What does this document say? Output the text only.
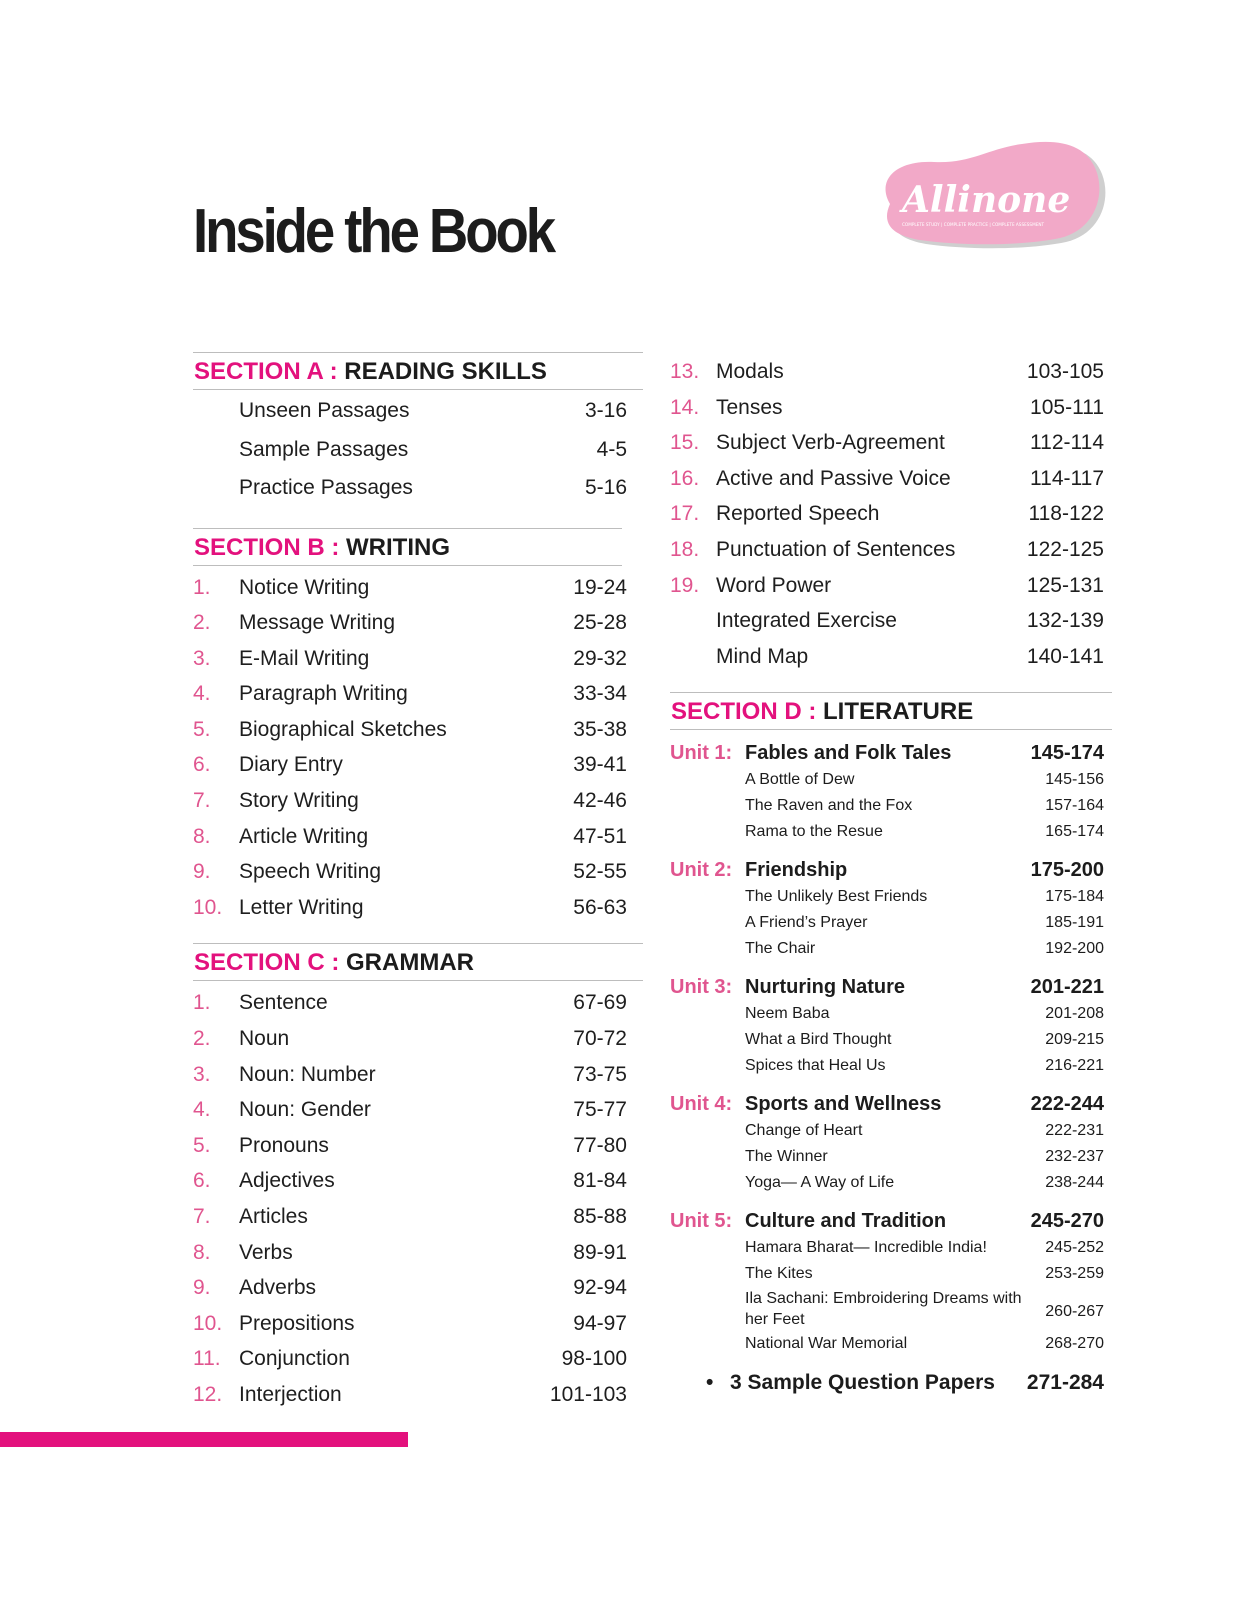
Inside the Book	Allinone
COMPLETE STUDY | COMPLETE PRACTICE | COMPLETE ASSESSMENT
SECTION A : READING SKILLS
Unseen Passages	3-16
Sample Passages	4-5
Practice Passages	5-16
SECTION B : WRITING
1. Notice Writing	19-24
2. Message Writing	25-28
3. E-Mail Writing	29-32
4. Paragraph Writing	33-34
5. Biographical Sketches	35-38
6. Diary Entry	39-41
7. Story Writing	42-46
8. Article Writing	47-51
9. Speech Writing	52-55
10. Letter Writing	56-63
SECTION C : GRAMMAR
1. Sentence	67-69
2. Noun	70-72
3. Noun: Number	73-75
4. Noun: Gender	75-77
5. Pronouns	77-80
6. Adjectives	81-84
7. Articles	85-88
8. Verbs	89-91
9. Adverbs	92-94
10. Prepositions	94-97
11. Conjunction	98-100
12. Interjection	101-103
13. Modals	103-105
14. Tenses	105-111
15. Subject Verb-Agreement	112-114
16. Active and Passive Voice	114-117
17. Reported Speech	118-122
18. Punctuation of Sentences	122-125
19. Word Power	125-131
Integrated Exercise	132-139
Mind Map	140-141
SECTION D : LITERATURE
Unit 1: Fables and Folk Tales	145-174
A Bottle of Dew	145-156
The Raven and the Fox	157-164
Rama to the Resue	165-174
Unit 2: Friendship	175-200
The Unlikely Best Friends	175-184
A Friend’s Prayer	185-191
The Chair	192-200
Unit 3: Nurturing Nature	201-221
Neem Baba	201-208
What a Bird Thought	209-215
Spices that Heal Us	216-221
Unit 4: Sports and Wellness	222-244
Change of Heart	222-231
The Winner	232-237
Yoga— A Way of Life	238-244
Unit 5: Culture and Tradition	245-270
Hamara Bharat— Incredible India!	245-252
The Kites	253-259
Ila Sachani: Embroidering Dreams with her Feet	260-267
National War Memorial	268-270
• 3 Sample Question Papers 271-284
